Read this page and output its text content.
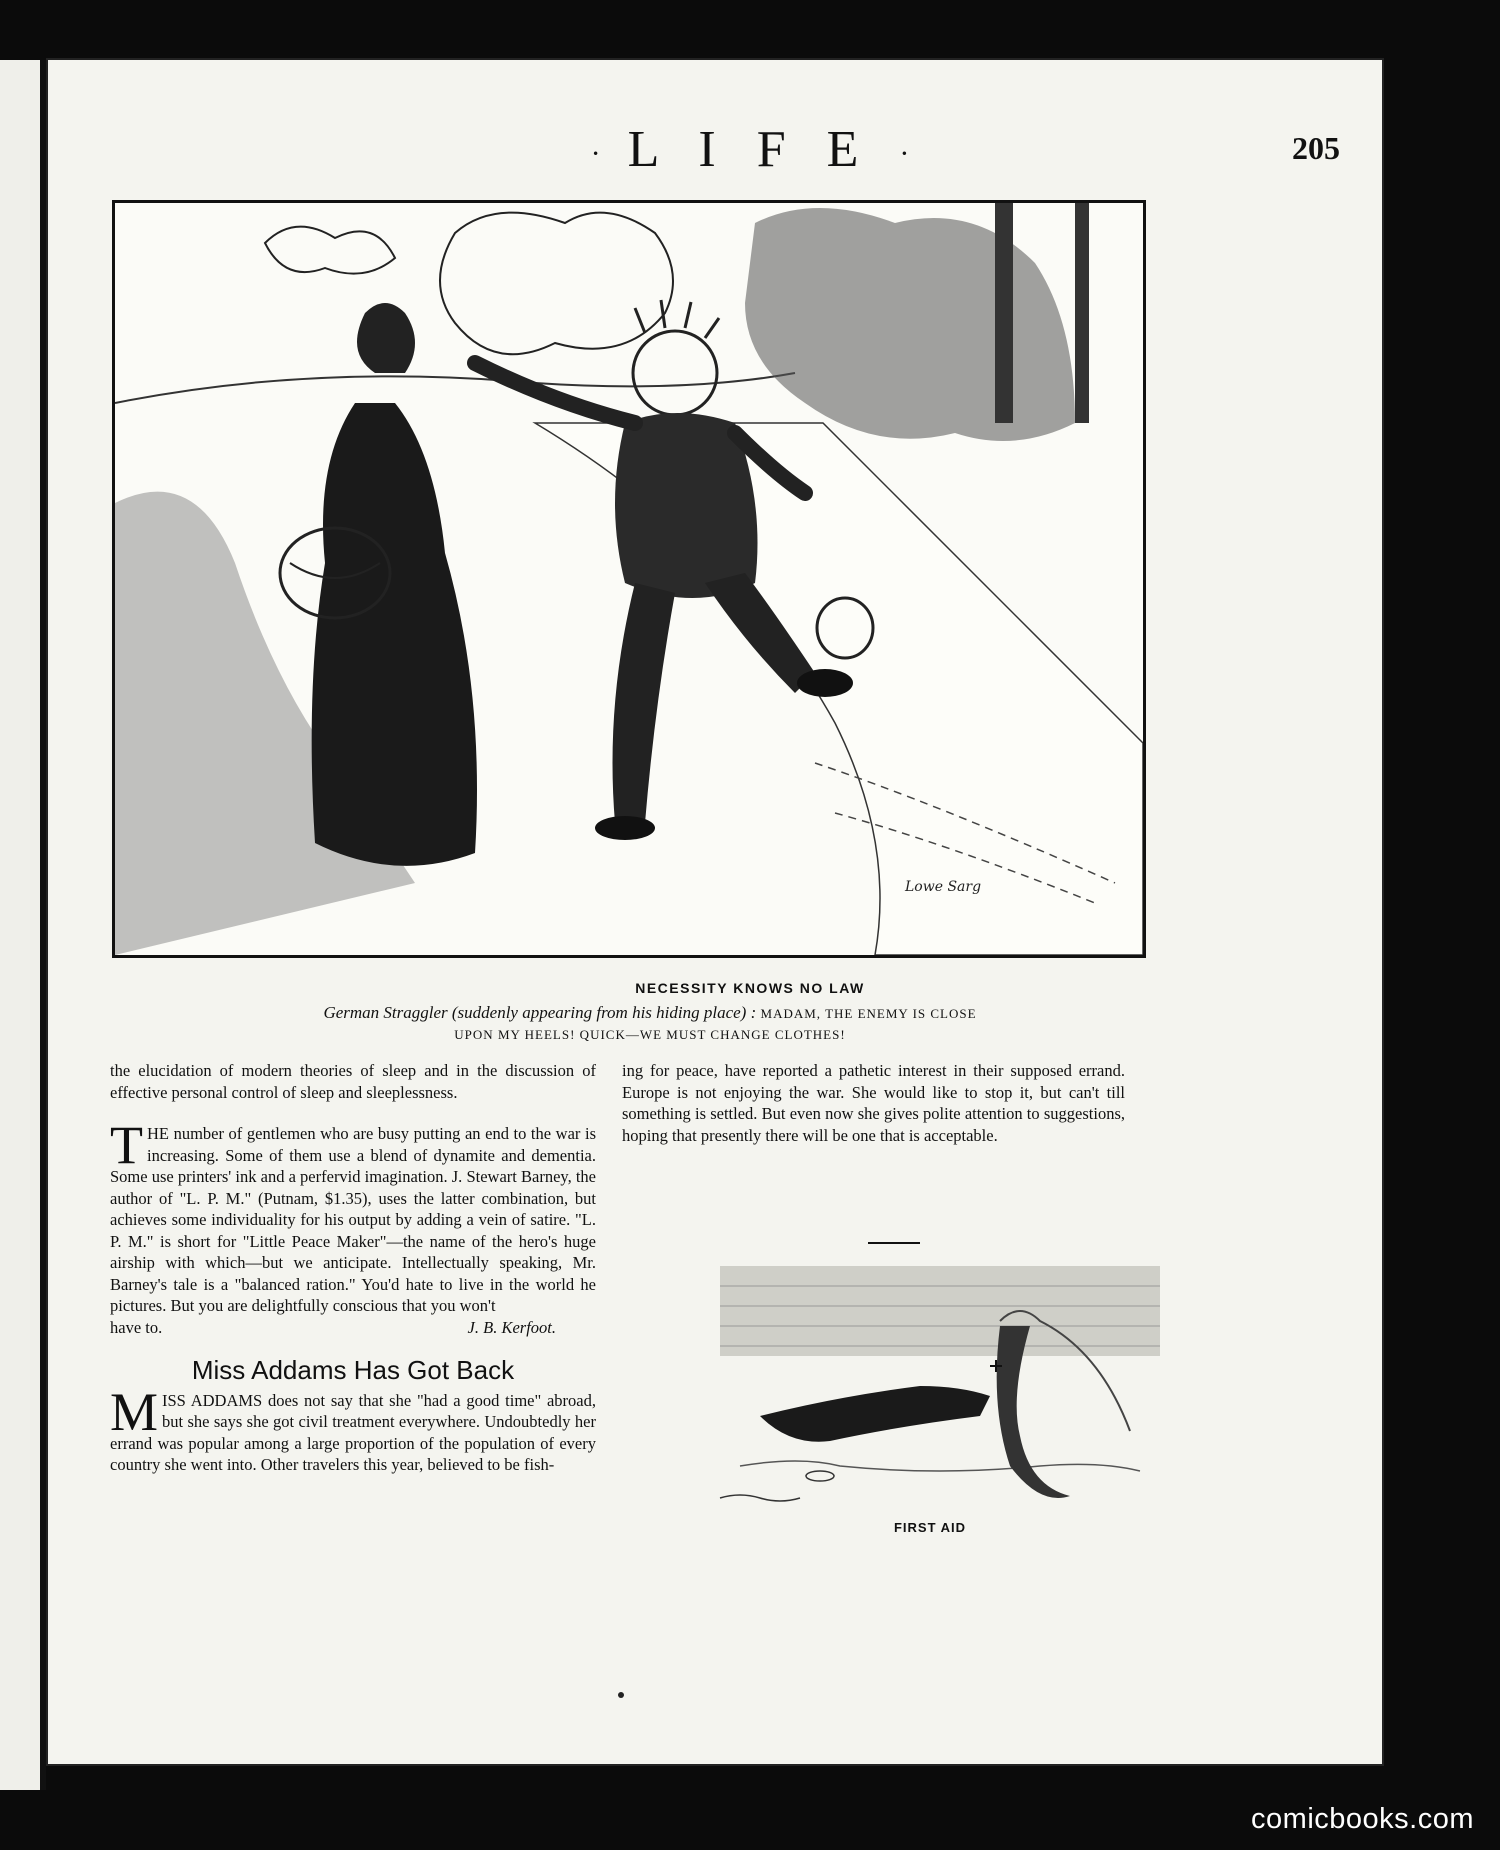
· L I F E ·	205
Lowe Sarg
NECESSITY KNOWS NO LAW
German Straggler (suddenly appearing from his hiding place) : MADAM, THE ENEMY IS CLOSE
UPON MY HEELS! QUICK—WE MUST CHANGE CLOTHES!

the elucidation of modern theories of sleep and in the discussion of effective personal control of sleep and sleeplessness.

THE number of gentlemen who are busy putting an end to the war is increasing. Some of them use a blend of dynamite and dementia. Some use printers' ink and a perfervid imagination. J. Stewart Barney, the author of "L. P. M." (Putnam, $1.35), uses the latter combination, but achieves some individuality for his output by adding a vein of satire. "L. P. M." is short for "Little Peace Maker"—the name of the hero's huge airship with which—but we anticipate. Intellectually speaking, Mr. Barney's tale is a "balanced ration." You'd hate to live in the world he pictures. But you are delightfully conscious that you won't

have to.	J. B. Kerfoot.
Miss Addams Has Got Back

MISS ADDAMS does not say that she "had a good time" abroad, but she says she got civil treatment everywhere. Undoubtedly her errand was popular among a large proportion of the population of every country she went into. Other travelers this year, believed to be fish-

ing for peace, have reported a pathetic interest in their supposed errand. Europe is not enjoying the war. She would like to stop it, but can't till something is settled. But even now she gives polite attention to suggestions, hoping that presently there will be one that is acceptable.

FIRST AID
comicbooks.com
